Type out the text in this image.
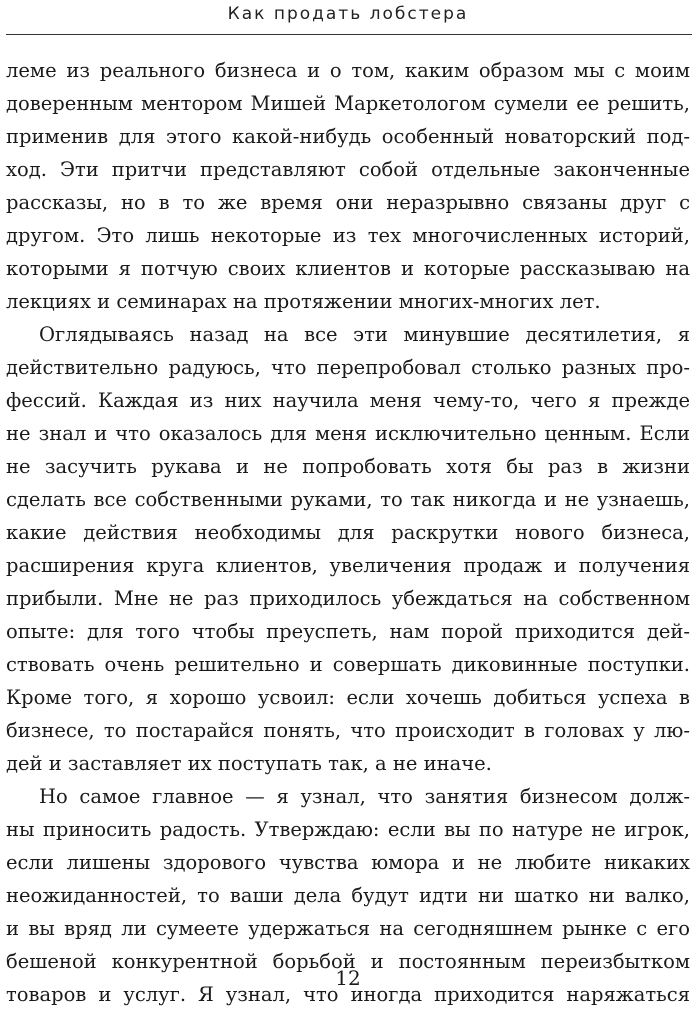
Как продать лобстера
леме из реального бизнеса и о том, каким образом мы с моим
доверенным ментором Мишей Маркетологом сумели ее решить,
применив для этого какой-нибудь особенный новаторский под-
ход. Эти притчи представляют собой отдельные законченные
рассказы, но в то же время они неразрывно связаны друг с
другом. Это лишь некоторые из тех многочисленных историй,
которыми я потчую своих клиентов и которые рассказываю на
лекциях и семинарах на протяжении многих-многих лет.
Оглядываясь назад на все эти минувшие десятилетия, я
действительно радуюсь, что перепробовал столько разных про-
фессий. Каждая из них научила меня чему-то, чего я прежде
не знал и что оказалось для меня исключительно ценным. Если
не засучить рукава и не попробовать хотя бы раз в жизни
сделать все собственными руками, то так никогда и не узнаешь,
какие действия необходимы для раскрутки нового бизнеса,
расширения круга клиентов, увеличения продаж и получения
прибыли. Мне не раз приходилось убеждаться на собственном
опыте: для того чтобы преуспеть, нам порой приходится дей-
ствовать очень решительно и совершать диковинные поступки.
Кроме того, я хорошо усвоил: если хочешь добиться успеха в
бизнесе, то постарайся понять, что происходит в головах у лю-
дей и заставляет их поступать так, а не иначе.
Но самое главное — я узнал, что занятия бизнесом долж-
ны приносить радость. Утверждаю: если вы по натуре не игрок,
если лишены здорового чувства юмора и не любите никаких
неожиданностей, то ваши дела будут идти ни шатко ни валко,
и вы вряд ли сумеете удержаться на сегодняшнем рынке с его
бешеной конкурентной борьбой и постоянным переизбытком
товаров и услуг. Я узнал, что иногда приходится наряжаться
12
